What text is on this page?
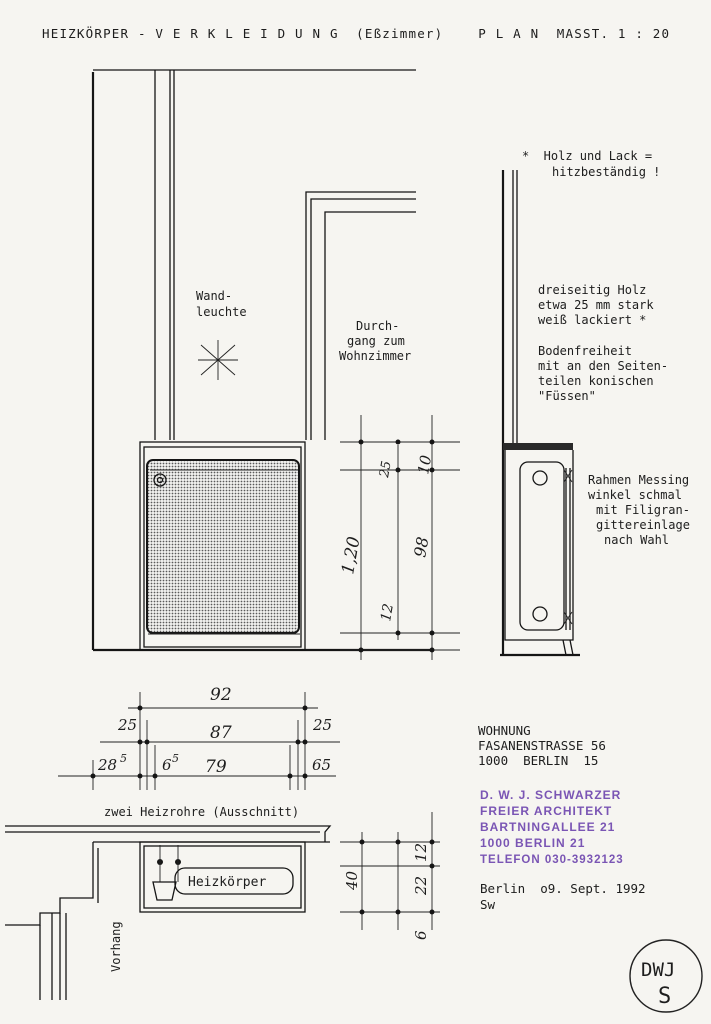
HEIZKÖRPER - V E R K L E I D U N G  (Eßzimmer)    P L A N  MASST. 1 : 20
Wand-
leuchte
Durch-
gang zum
Wohnzimmer
1,20
25 10
98
12
*  Holz und Lack =
hitzbeständig !
dreiseitig Holz
etwa 25 mm stark
weiß lackiert *
Bodenfreiheit
mit an den Seiten-
teilen konischen
"Füssen"
Rahmen Messing
winkel schmal
mit Filigran-
gittereinlage
nach Wahl
92
87
25	25
28 5 6 5 79	65
zwei Heizrohre (Ausschnitt)
Heizkörper
Vorhang
40	22
12
6
WOHNUNG
FASANENSTRASSE 56
1000  BERLIN  15
D. W. J. SCHWARZER
FREIER ARCHITEKT
BARTNINGALLEE 21
1000 BERLIN 21
TELEFON 030-3932123
Berlin  o9. Sept. 1992
Sw
DWJ
S
